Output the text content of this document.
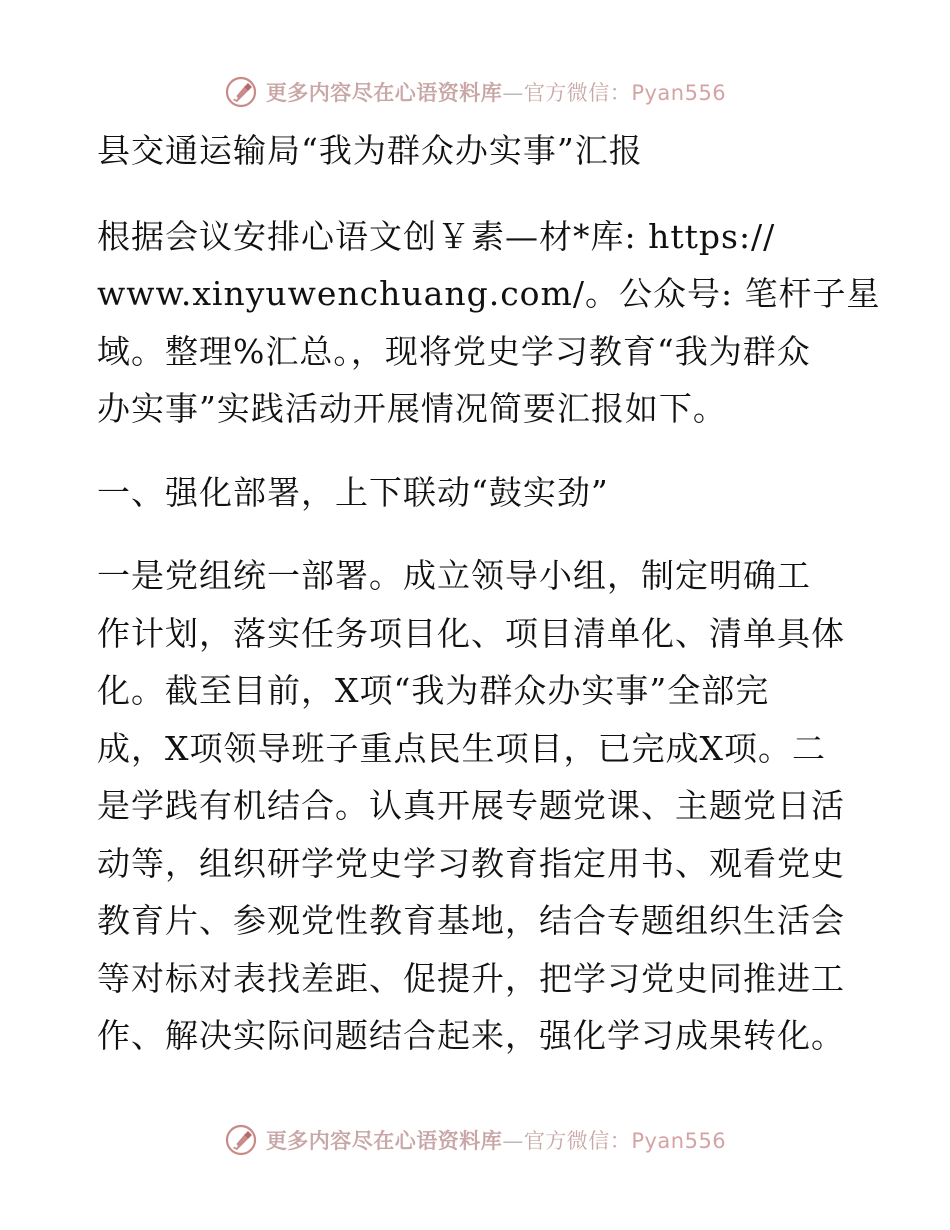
更多内容尽在心语资料库—官方微信：Pyan556
县交通运输局“我为群众办实事”汇报
根据会议安排心语文创￥素—材*库: https://
www.xinyuwenchuang.com/。公众号: 笔杆子星
域。整理%汇总。，现将党史学习教育“我为群众
办实事”实践活动开展情况简要汇报如下。
一、强化部署，上下联动“鼓实劲”
一是党组统一部署。成立领导小组，制定明确工
作计划，落实任务项目化、项目清单化、清单具体
化。截至目前，X项“我为群众办实事”全部完
成，X项领导班子重点民生项目，已完成X项。二
是学践有机结合。认真开展专题党课、主题党日活
动等，组织研学党史学习教育指定用书、观看党史
教育片、参观党性教育基地，结合专题组织生活会
等对标对表找差距、促提升，把学习党史同推进工
作、解决实际问题结合起来，强化学习成果转化。
更多内容尽在心语资料库—官方微信：Pyan556
